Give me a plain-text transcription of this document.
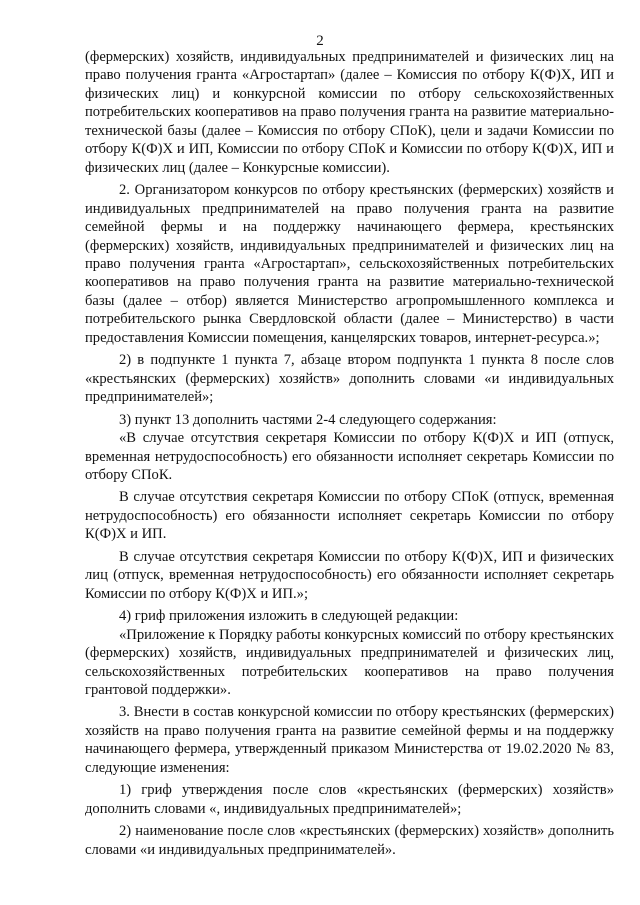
2

(фермерских) хозяйств, индивидуальных предпринимателей и физических лиц на право получения гранта «Агростартап» (далее – Комиссия по отбору К(Ф)Х, ИП и физических лиц) и конкурсной комиссии по отбору сельскохозяйственных потребительских кооперативов на право получения гранта на развитие материально-технической базы (далее – Комиссия по отбору СПоК), цели и задачи Комиссии по отбору К(Ф)Х и ИП, Комиссии по отбору СПоК и Комиссии по отбору К(Ф)Х, ИП и физических лиц (далее – Конкурсные комиссии).

2. Организатором конкурсов по отбору крестьянских (фермерских) хозяйств и индивидуальных предпринимателей на право получения гранта на развитие семейной фермы и на поддержку начинающего фермера, крестьянских (фермерских) хозяйств, индивидуальных предпринимателей и физических лиц на право получения гранта «Агростартап», сельскохозяйственных потребительских кооперативов на право получения гранта на развитие материально-технической базы (далее – отбор) является Министерство агропромышленного комплекса и потребительского рынка Свердловской области (далее – Министерство) в части предоставления Комиссии помещения, канцелярских товаров, интернет-ресурса.»;

2) в подпункте 1 пункта 7, абзаце втором подпункта 1 пункта 8 после слов «крестьянских (фермерских) хозяйств» дополнить словами «и индивидуальных предпринимателей»;

3) пункт 13 дополнить частями 2-4 следующего содержания:

«В случае отсутствия секретаря Комиссии по отбору К(Ф)Х и ИП (отпуск, временная нетрудоспособность) его обязанности исполняет секретарь Комиссии по отбору СПоК.

В случае отсутствия секретаря Комиссии по отбору СПоК (отпуск, временная нетрудоспособность) его обязанности исполняет секретарь Комиссии по отбору К(Ф)Х и ИП.

В случае отсутствия секретаря Комиссии по отбору К(Ф)Х, ИП и физических лиц (отпуск, временная нетрудоспособность) его обязанности исполняет секретарь Комиссии по отбору К(Ф)Х и ИП.»;

4) гриф приложения изложить в следующей редакции:

«Приложение к Порядку работы конкурсных комиссий по отбору крестьянских (фермерских) хозяйств, индивидуальных предпринимателей и физических лиц, сельскохозяйственных потребительских кооперативов на право получения грантовой поддержки».

3. Внести в состав конкурсной комиссии по отбору крестьянских (фермерских) хозяйств на право получения гранта на развитие семейной фермы и на поддержку начинающего фермера, утвержденный приказом Министерства от 19.02.2020 № 83, следующие изменения:

1) гриф утверждения после слов «крестьянских (фермерских) хозяйств» дополнить словами «, индивидуальных предпринимателей»;

2) наименование после слов «крестьянских (фермерских) хозяйств» дополнить словами «и индивидуальных предпринимателей».
